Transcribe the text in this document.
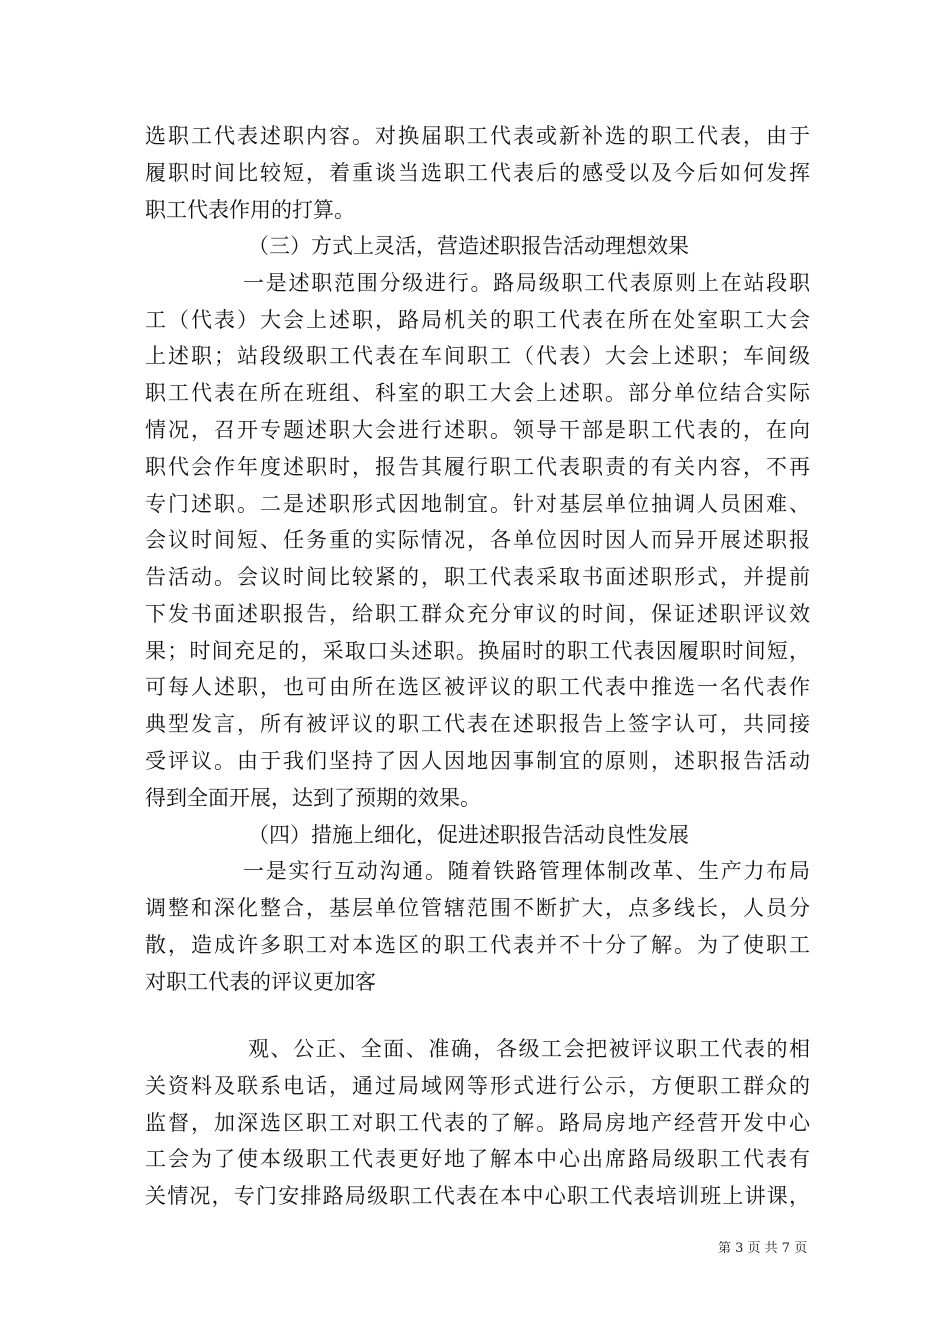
选职工代表述职内容。对换届职工代表或新补选的职工代表，由于
履职时间比较短，着重谈当选职工代表后的感受以及今后如何发挥
职工代表作用的打算。
（三）方式上灵活，营造述职报告活动理想效果
一是述职范围分级进行。路局级职工代表原则上在站段职
工（代表）大会上述职，路局机关的职工代表在所在处室职工大会
上述职；站段级职工代表在车间职工（代表）大会上述职；车间级
职工代表在所在班组、科室的职工大会上述职。部分单位结合实际
情况，召开专题述职大会进行述职。领导干部是职工代表的，在向
职代会作年度述职时，报告其履行职工代表职责的有关内容，不再
专门述职。二是述职形式因地制宜。针对基层单位抽调人员困难、
会议时间短、任务重的实际情况，各单位因时因人而异开展述职报
告活动。会议时间比较紧的，职工代表采取书面述职形式，并提前
下发书面述职报告，给职工群众充分审议的时间，保证述职评议效
果；时间充足的，采取口头述职。换届时的职工代表因履职时间短，
可每人述职，也可由所在选区被评议的职工代表中推选一名代表作
典型发言，所有被评议的职工代表在述职报告上签字认可，共同接
受评议。由于我们坚持了因人因地因事制宜的原则，述职报告活动
得到全面开展，达到了预期的效果。
（四）措施上细化，促进述职报告活动良性发展
一是实行互动沟通。随着铁路管理体制改革、生产力布局
调整和深化整合，基层单位管辖范围不断扩大，点多线长，人员分
散，造成许多职工对本选区的职工代表并不十分了解。为了使职工
对职工代表的评议更加客
观、公正、全面、准确，各级工会把被评议职工代表的相
关资料及联系电话，通过局域网等形式进行公示，方便职工群众的
监督，加深选区职工对职工代表的了解。路局房地产经营开发中心
工会为了使本级职工代表更好地了解本中心出席路局级职工代表有
关情况，专门安排路局级职工代表在本中心职工代表培训班上讲课，
第 3 页 共 7 页
